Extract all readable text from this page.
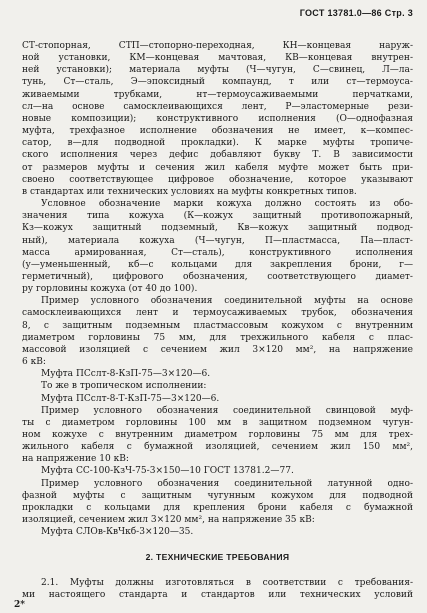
ГОСТ 13781.0—86 Стр. 3
СТ-стопорная, СТП—стопорно-переходная, КН—концевая наруж-
ной установки, КМ—концевая мачтовая, КВ—концевая внутрен-
ней установки); материала муфты (Ч—чугун, С—свинец, Л—ла-
тунь, Ст—сталь, Э—эпоксидный компаунд, т или ст—термоусa-
живаемыми трубками, нт—термоусаживаемыми перчатками,
сл—на основе самосклеивающихся лент, Р—эластомерные рези-
новые композиции); конструктивного исполнения (О—однофазная
муфта, трехфазное исполнение обозначения не имеет, к—компес-
сатор, в—для подводной прокладки). К марке муфты тропиче-
ского исполнения через дефис добавляют букву Т. В зависимости
от размеров муфты и сечения жил кабеля муфте может быть при-
своено соответствующее цифровое обозначение, которое указывают
в стандартах или технических условиях на муфты конкретных типов.
Условное обозначение марки кожуха должно состоять из обо-
значения типа кожуха (К—кожух защитный противопожарный,
Кз—кожух защитный подземный, Кв—кожух защитный подвод-
ный), материала кожуха (Ч—чугун, П—пластмасса, Па—пласт-
масса армированная, Ст—сталь), конструктивного исполнения
(у—уменьшенный, кб—с кольцами для закрепления брони, г—
герметичный), цифрового обозначения, соответствующего диамет-
ру горловины кожуха (от 40 до 100).
Пример условного обозначения соединительной муфты на основе
самосклеивающихся лент и термоусаживаемых трубок, обозначения
8, с защитным подземным пластмассовым кожухом с внутренним
диаметром горловины 75 мм, для трехжильного кабеля с плас-
массовой изоляцией с сечением жил 3×120 мм², на напряжение
6 кВ:
Муфта ПСслт-8-КзП-75—3×120—6.
То же в тропическом исполнении:
Муфта ПСслт-8-Т-КзП-75—3×120—6.
Пример условного обозначения соединительной свинцовой муф-
ты с диаметром горловины 100 мм в защитном подземном чугун-
ном кожухе с внутренним диаметром горловины 75 мм для трех-
жильного кабеля с бумажной изоляцией, сечением жил 150 мм²,
на напряжение 10 кВ:
Муфта СС-100-КзЧ-75-3×150—10 ГОСТ 13781.2—77.
Пример условного обозначения соединительной латунной одно-
фазной муфты с защитным чугунным кожухом для подводной
прокладки с кольцами для крепления брони кабеля с бумажной
изоляцией, сечением жил 3×120 мм², на напряжение 35 кВ:
Муфта СЛОв-КвЧкб-3×120—35.
2. ТЕХНИЧЕСКИЕ ТРЕБОВАНИЯ
2.1. Муфты должны изготовляться в соответствии с требования-
ми настоящего стандарта и стандартов или технических условий
2*
